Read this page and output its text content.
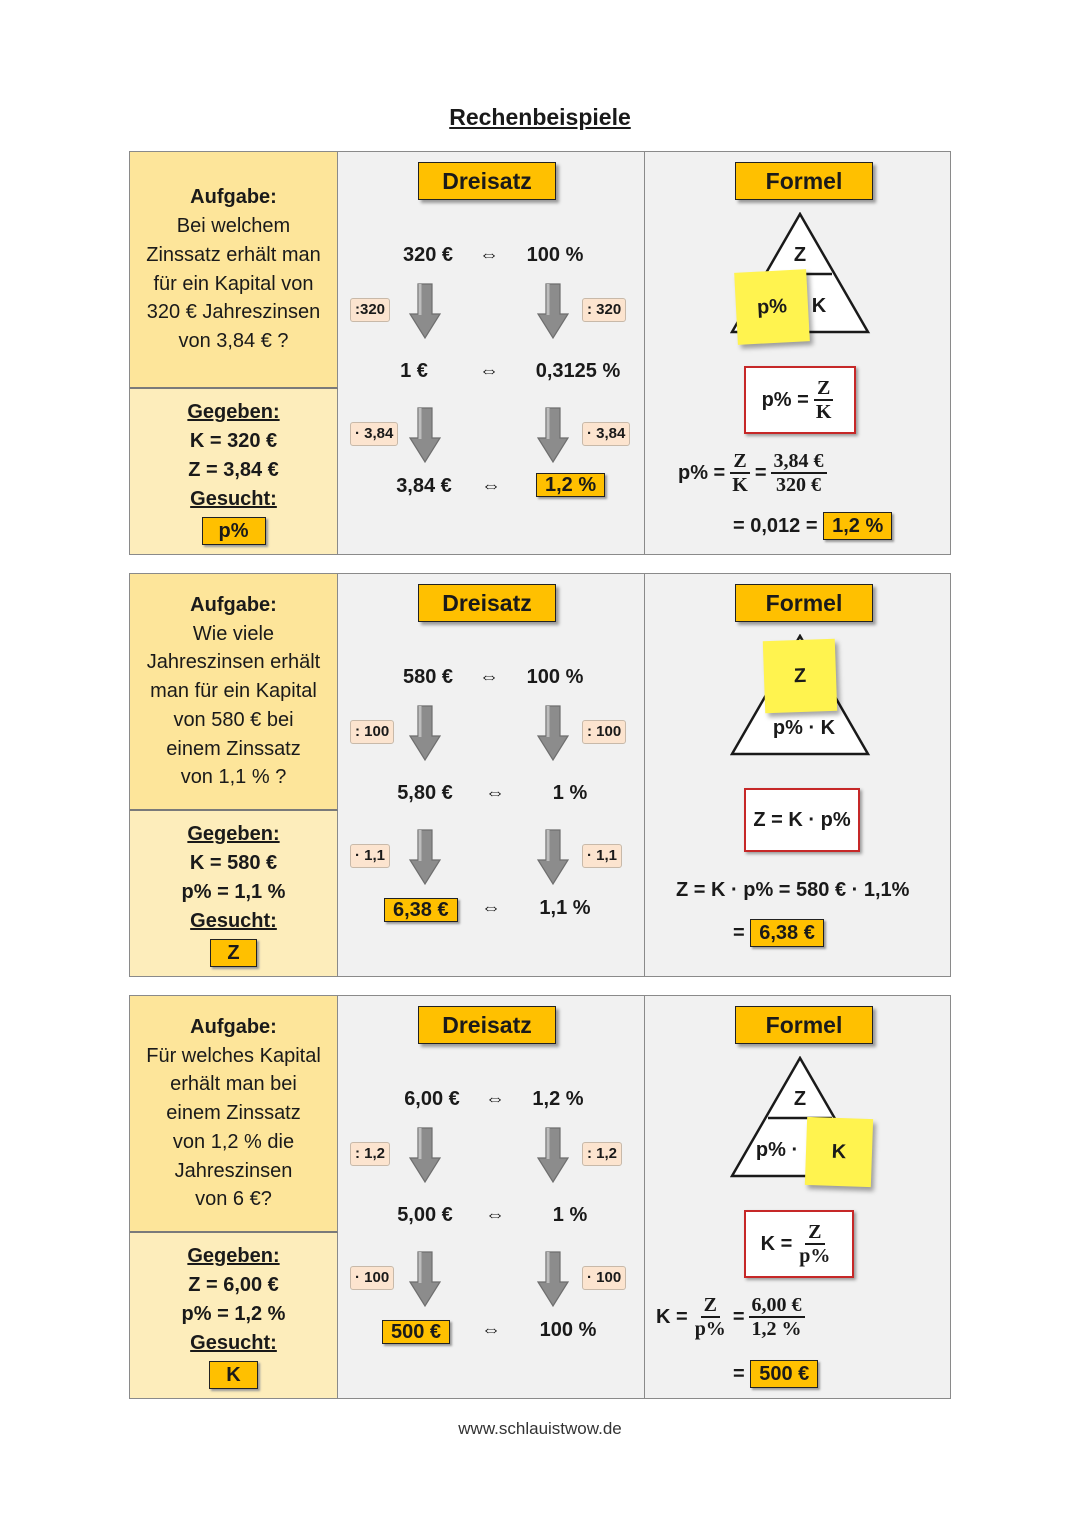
Rechenbeispiele
Aufgabe:
Bei welchem
Zinssatz erhält man
für ein Kapital von
320 € Jahreszinsen
von 3,84 € ?
Gegeben:
K = 320 €
Z = 3,84 €
Gesucht:
p%
Dreisatz
320 €	⇔	100 %
:320	: 320
1 €	⇔	0,3125 %
· 3,84	· 3,84
3,84 €	⇔	1,2 %
Formel
Z
K
p%
$p\% = \frac{Z}{K}$
$p\% = \frac{Z}{K} = \frac{3,84 €}{320 €}$
= 0,012 =
1,2 %
Aufgabe:
Wie viele
Jahreszinsen erhält
man für ein Kapital
von 580 € bei
einem Zinssatz
von 1,1 % ?
Gegeben:
K = 580 €
p% = 1,1 %
Gesucht:
Z
Dreisatz
580 €	⇔	100 %
: 100	: 100
5,80 €	⇔	1 %
· 1,1	· 1,1
6,38 €	⇔	1,1 %
Formel
Z
p% · K
Z = K · p%
Z = K · p% = 580 € · 1,1%
=
6,38 €
Aufgabe:
Für welches Kapital
erhält man bei
einem Zinssatz
von 1,2 % die
Jahreszinsen
von 6 €?
Gegeben:
Z = 6,00 €
p% = 1,2 %
Gesucht:
K
Dreisatz
6,00 €	⇔ 1,2 %
: 1,2	: 1,2
5,00 €	⇔	1 %
· 100	· 100
500 €	⇔	100 %
Formel
Z
p% ·	K
$K = \frac{Z}{p\%}$
$K = \frac{Z}{p\%} = \frac{6,00 €}{1,2 \%}$
=
500 €
www.schlauistwow.de
